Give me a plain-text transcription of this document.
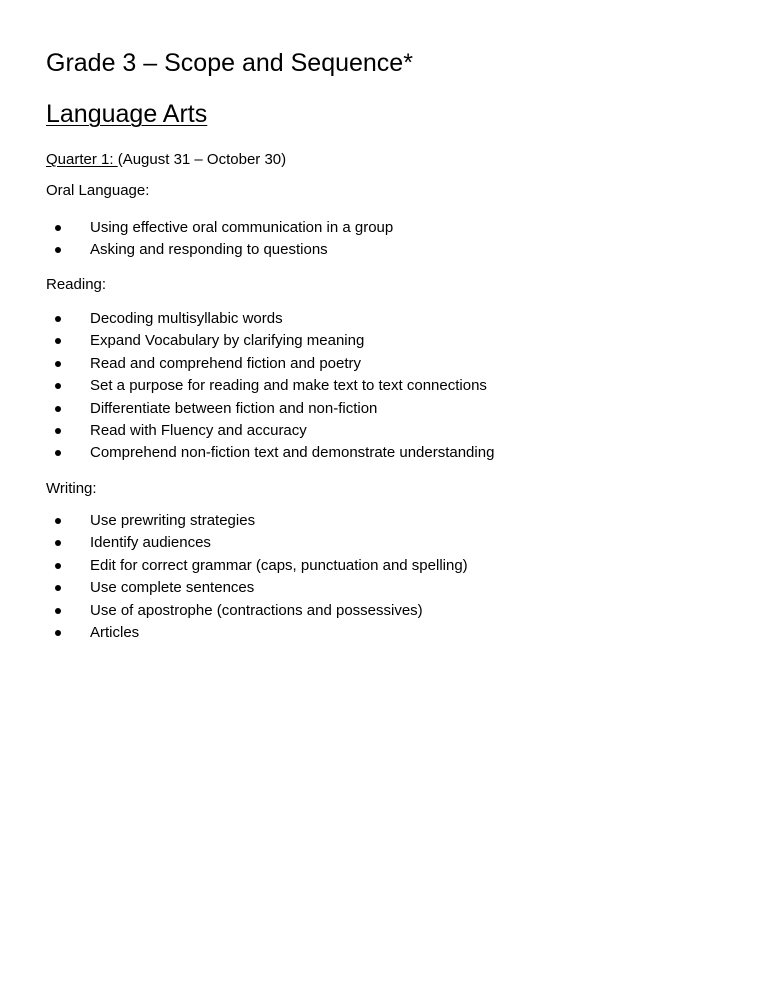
Grade 3 – Scope and Sequence*
Language Arts
Quarter 1: (August 31 – October 30)
Oral Language:
Using effective oral communication in a group
Asking and responding to questions
Reading:
Decoding multisyllabic words
Expand Vocabulary by clarifying meaning
Read and comprehend fiction and poetry
Set a purpose for reading and make text to text connections
Differentiate between fiction and non-fiction
Read with Fluency and accuracy
Comprehend non-fiction text and demonstrate understanding
Writing:
Use prewriting strategies
Identify audiences
Edit for correct grammar (caps, punctuation and spelling)
Use complete sentences
Use of apostrophe (contractions and possessives)
Articles
